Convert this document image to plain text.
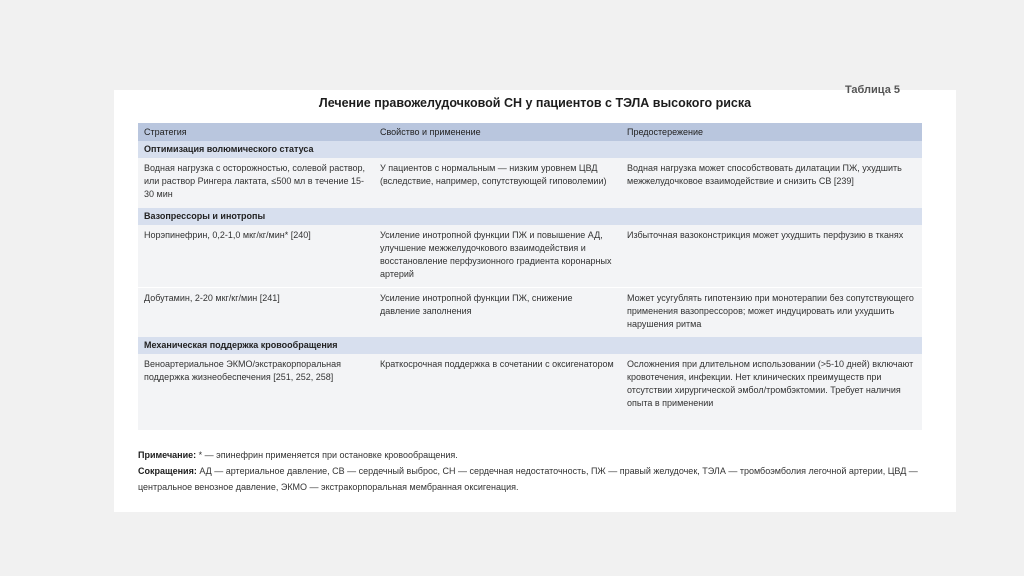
Таблица 5
Лечение правожелудочковой СН у пациентов с ТЭЛА высокого риска
Стратегия	Свойство и применение	Предостережение
Оптимизация волюмического статуса		
Водная нагрузка с осторожностью, солевой раствор, или раствор Рингера лактата, ≤500 мл в течение 15-30 мин	У пациентов с нормальным — низким уровнем ЦВД (вследствие, например, сопутствующей гиповолемии)	Водная нагрузка может способствовать дилатации ПЖ, ухудшить межжелудочковое взаимодействие и снизить СВ [239]
Вазопрессоры и инотропы		
Норэпинефрин, 0,2-1,0 мкг/кг/мин* [240]	Усиление инотропной функции ПЖ и повышение АД, улучшение межжелудочкового взаимодействия и восстановление перфузионного градиента коронарных артерий	Избыточная вазоконстрикция может ухудшить перфузию в тканях
Добутамин, 2-20 мкг/кг/мин [241]	Усиление инотропной функции ПЖ, снижение давление заполнения	Может усугублять гипотензию при монотерапии без сопутствующего применения вазопрессоров; может индуцировать или ухудшить нарушения ритма
Механическая поддержка кровообращения		
Веноартериальное ЭКМО/экстракорпоральная поддержка жизнеобеспечения [251, 252, 258]	Краткосрочная поддержка в сочетании с оксигенатором	Осложнения при длительном использовании (>5-10 дней) включают кровотечения, инфекции. Нет клинических преимуществ при отсутствии хирургической эмбол/тромбэктомии. Требует наличия опыта в применении
Примечание: * — эпинефрин применяется при остановке кровообращения.
Сокращения: АД — артериальное давление, СВ — сердечный выброс, СН — сердечная недостаточность, ПЖ — правый желудочек, ТЭЛА — тромбоэмболия легочной артерии, ЦВД — центральное венозное давление, ЭКМО — экстракорпоральная мембранная оксигенация.
